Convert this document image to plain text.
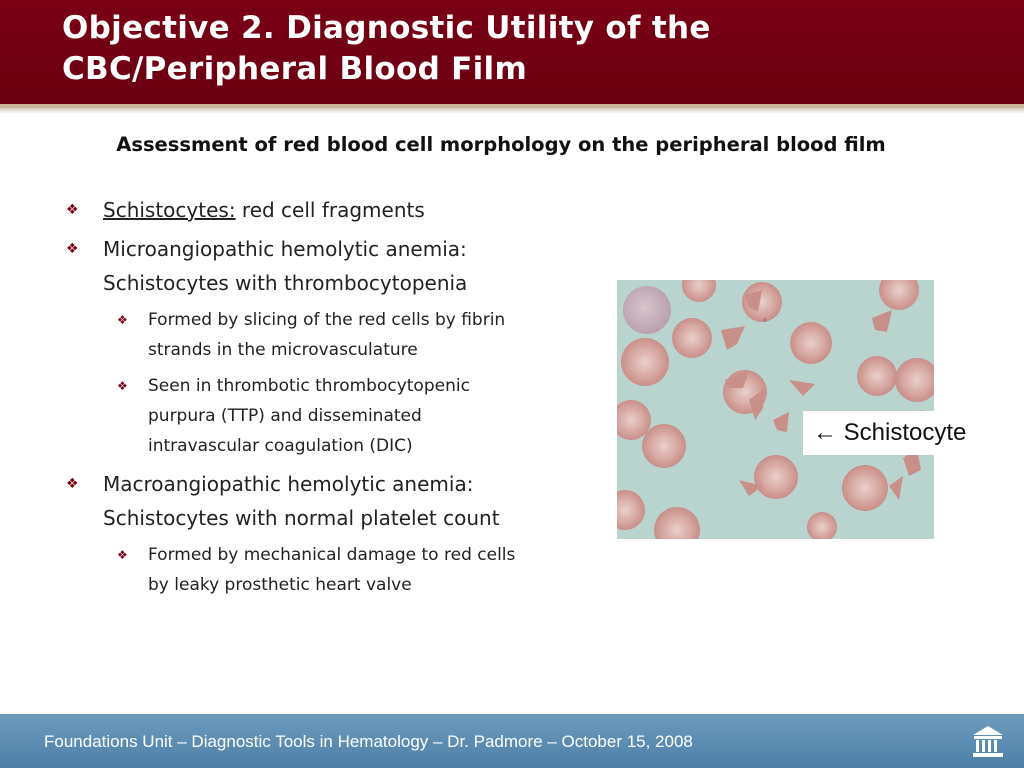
Objective 2. Diagnostic Utility of the
CBC/Peripheral Blood Film
Assessment of red blood cell morphology on the peripheral blood film
❖ Schistocytes: red cell fragments
❖ Microangiopathic hemolytic anemia:
Schistocytes with thrombocytopenia
❖ Formed by slicing of the red cells by fibrin
strands in the microvasculature
❖ Seen in thrombotic thrombocytopenic
purpura (TTP) and disseminated
intravascular coagulation (DIC)
❖ Macroangiopathic hemolytic anemia:
Schistocytes with normal platelet count
❖ Formed by mechanical damage to red cells
by leaky prosthetic heart valve
← Schistocyte
Foundations Unit – Diagnostic Tools in Hematology – Dr. Padmore – October 15, 2008
